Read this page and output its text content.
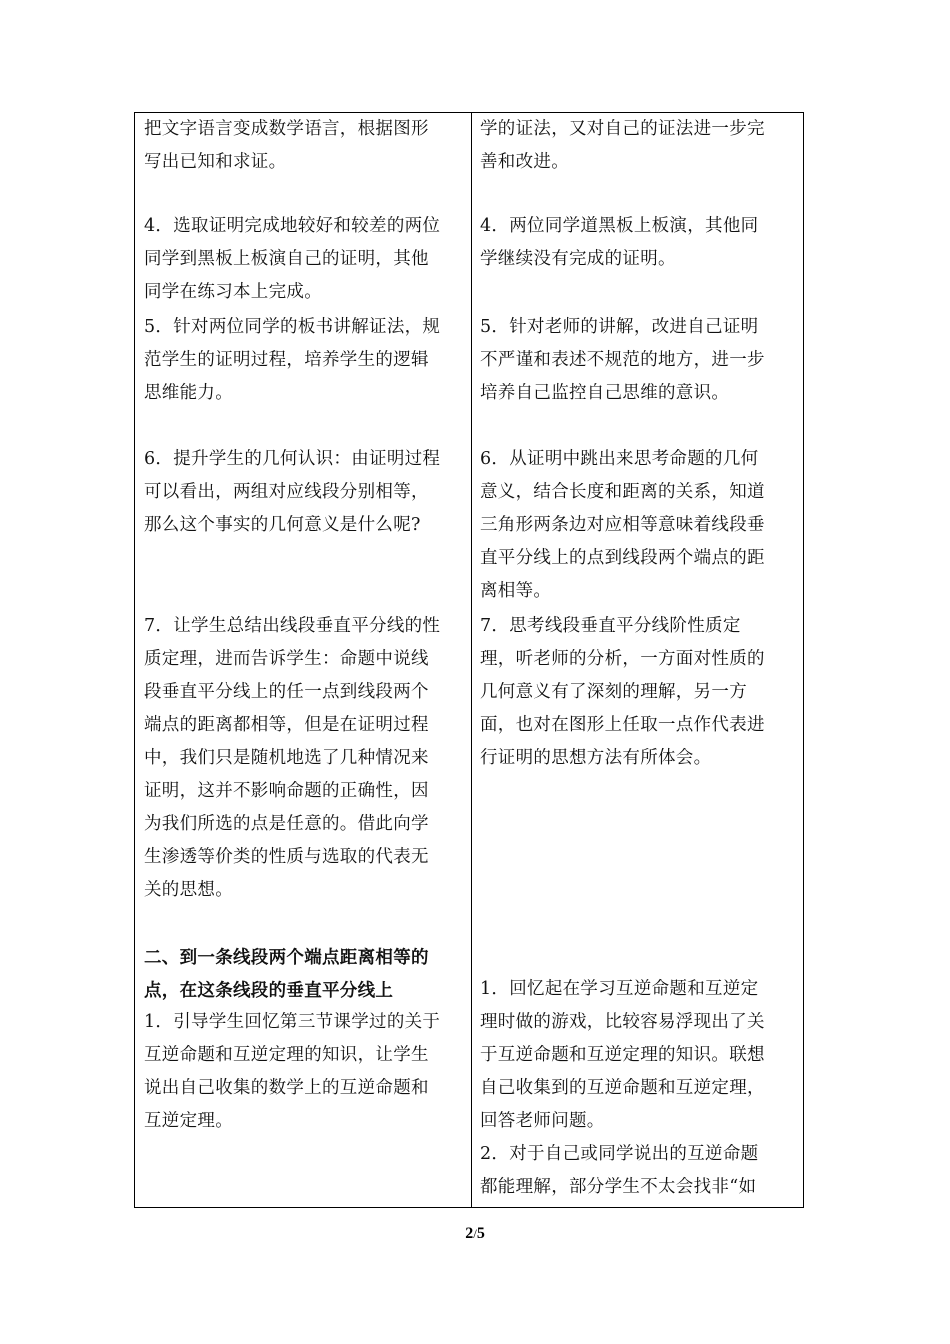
把文字语言变成数学语言，根据图形
写出已知和求证。
4．选取证明完成地较好和较差的两位
同学到黑板上板演自己的证明，其他
同学在练习本上完成。
5．针对两位同学的板书讲解证法，规
范学生的证明过程，培养学生的逻辑
思维能力。
6．提升学生的几何认识：由证明过程
可以看出，两组对应线段分别相等，
那么这个事实的几何意义是什么呢?
7．让学生总结出线段垂直平分线的性
质定理，进而告诉学生：命题中说线
段垂直平分线上的任一点到线段两个
端点的距离都相等，但是在证明过程
中，我们只是随机地选了几种情况来
证明，这并不影响命题的正确性，因
为我们所选的点是任意的。借此向学
生渗透等价类的性质与选取的代表无
关的思想。
二、到一条线段两个端点距离相等的
点，在这条线段的垂直平分线上
1．引导学生回忆第三节课学过的关于
互逆命题和互逆定理的知识，让学生
说出自己收集的数学上的互逆命题和
互逆定理。
学的证法，又对自己的证法进一步完
善和改进。
4．两位同学道黑板上板演，其他同
学继续没有完成的证明。
5．针对老师的讲解，改进自己证明
不严谨和表述不规范的地方，进一步
培养自己监控自己思维的意识。
6．从证明中跳出来思考命题的几何
意义，结合长度和距离的关系，知道
三角形两条边对应相等意味着线段垂
直平分线上的点到线段两个端点的距
离相等。
7．思考线段垂直平分线阶性质定
理，听老师的分析，一方面对性质的
几何意义有了深刻的理解，另一方
面，也对在图形上任取一点作代表进
行证明的思想方法有所体会。
1．回忆起在学习互逆命题和互逆定
理时做的游戏，比较容易浮现出了关
于互逆命题和互逆定理的知识。联想
自己收集到的互逆命题和互逆定理，
回答老师问题。
2．对于自己或同学说出的互逆命题
都能理解，部分学生不太会找非“如
2/5
